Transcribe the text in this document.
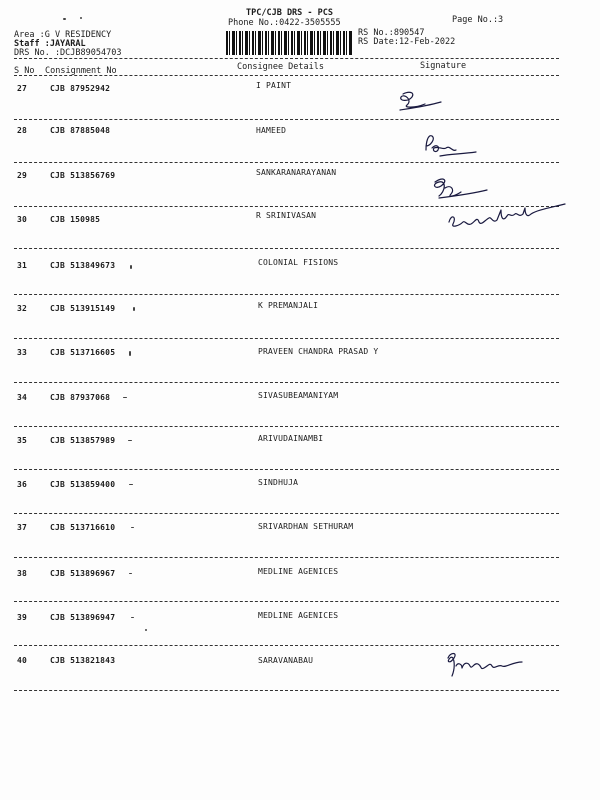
TPC/CJB DRS - PCS
Phone No.:0422-3505555	Page No.:3
Area :G V RESIDENCY
Staff :JAYARAL
DRS No. :DCJB89054703
RS No.:890547
RS Date:12-Feb-2022
S No Consignment No	Consignee Details	Signature
27	CJB 87952942	I PAINT
28	CJB 87885048	HAMEED
29	CJB 513856769	SANKARANARAYANAN
30	CJB 150985	R SRINIVASAN
31	CJB 513849673	COLONIAL FISIONS
32	CJB 513915149	K PREMANJALI
33	CJB 513716605	PRAVEEN CHANDRA PRASAD Y
34	CJB 87937068	SIVASUBEAMANIYAM
35	CJB 513857989	ARIVUDAINAMBI
36	CJB 513859400	SINDHUJA
37	CJB 513716610	SRIVARDHAN SETHURAM
38	CJB 513896967	MEDLINE AGENICES
39	CJB 513896947	MEDLINE AGENICES
40	CJB 513821843	SARAVANABAU
